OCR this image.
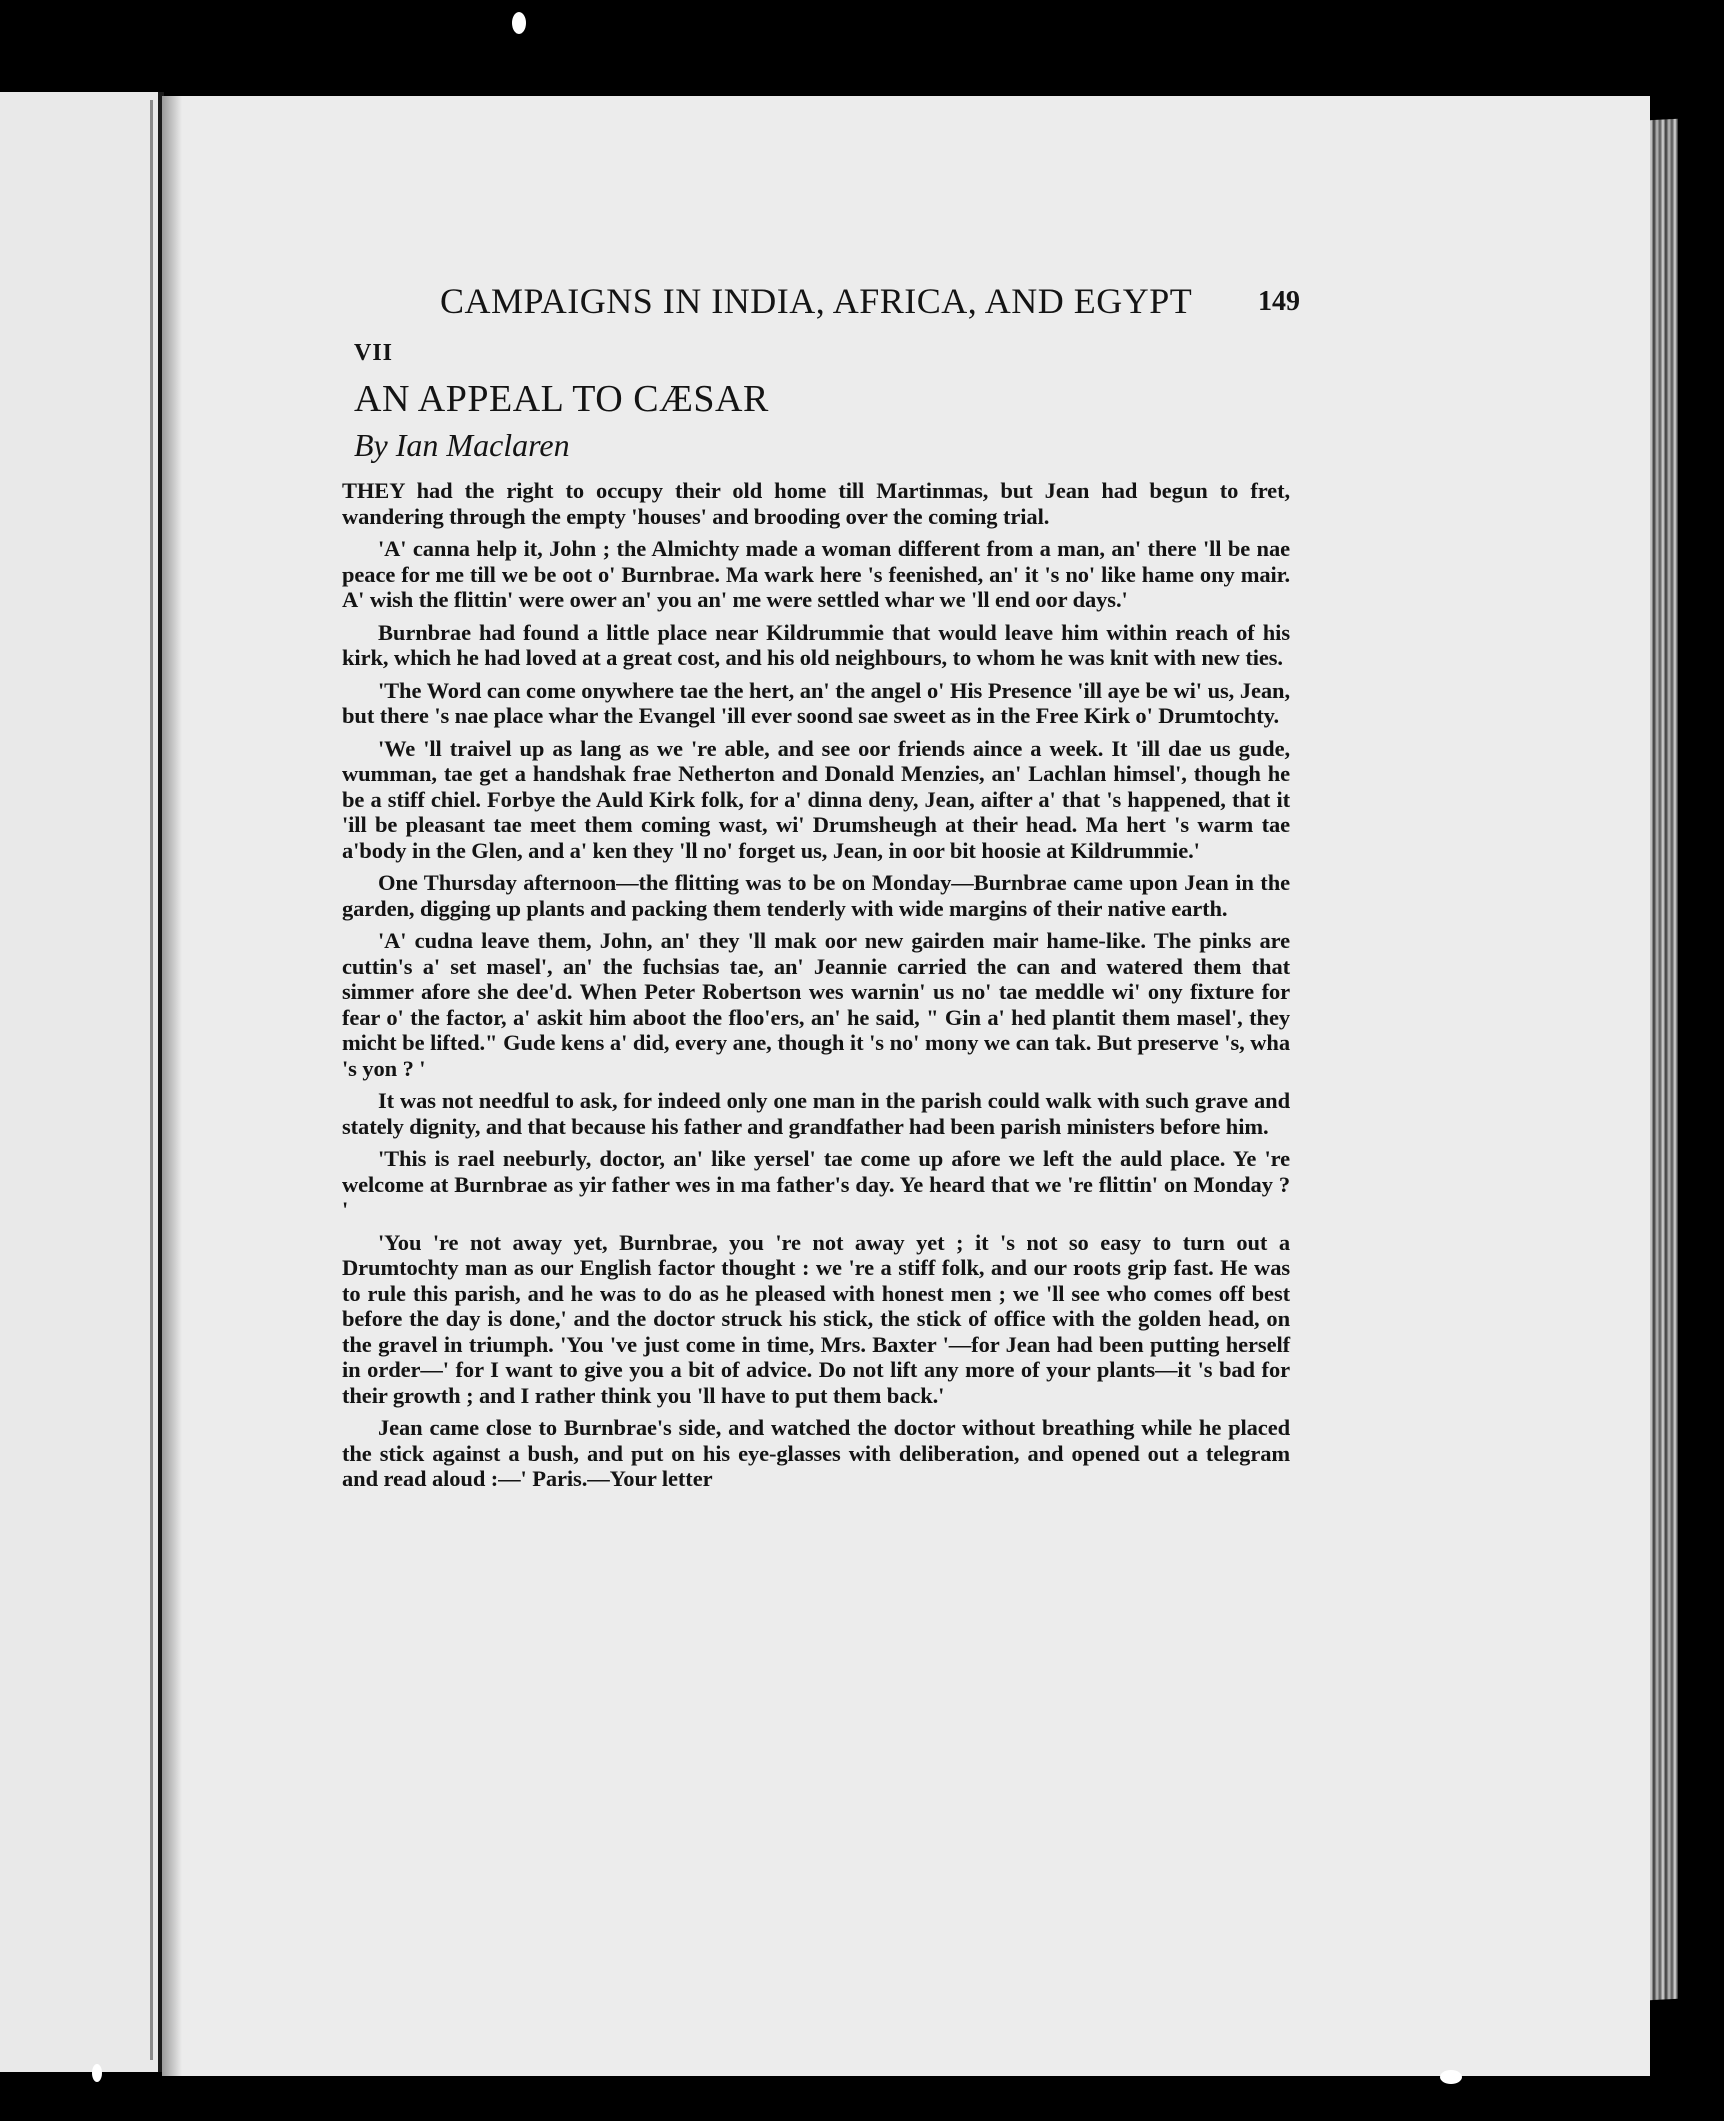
CAMPAIGNS IN INDIA, AFRICA, AND EGYPT 149
VII
AN APPEAL TO CÆSAR
By Ian Maclaren

THEY had the right to occupy their old home till Martinmas, but Jean had begun to fret, wandering through the empty 'houses' and brooding over the coming trial.

'A' canna help it, John ; the Almichty made a woman different from a man, an' there 'll be nae peace for me till we be oot o' Burnbrae. Ma wark here 's feenished, an' it 's no' like hame ony mair. A' wish the flittin' were ower an' you an' me were settled whar we 'll end oor days.'

Burnbrae had found a little place near Kildrummie that would leave him within reach of his kirk, which he had loved at a great cost, and his old neighbours, to whom he was knit with new ties.

'The Word can come onywhere tae the hert, an' the angel o' His Presence 'ill aye be wi' us, Jean, but there 's nae place whar the Evangel 'ill ever soond sae sweet as in the Free Kirk o' Drumtochty.

'We 'll traivel up as lang as we 're able, and see oor friends aince a week. It 'ill dae us gude, wumman, tae get a handshak frae Netherton and Donald Menzies, an' Lachlan himsel', though he be a stiff chiel. Forbye the Auld Kirk folk, for a' dinna deny, Jean, aifter a' that 's happened, that it 'ill be pleasant tae meet them coming wast, wi' Drumsheugh at their head. Ma hert 's warm tae a'body in the Glen, and a' ken they 'll no' forget us, Jean, in oor bit hoosie at Kildrummie.'

One Thursday afternoon—the flitting was to be on Monday—Burnbrae came upon Jean in the garden, digging up plants and packing them tenderly with wide margins of their native earth.

'A' cudna leave them, John, an' they 'll mak oor new gairden mair hame-like. The pinks are cuttin's a' set masel', an' the fuchsias tae, an' Jeannie carried the can and watered them that simmer afore she dee'd. When Peter Robertson wes warnin' us no' tae meddle wi' ony fixture for fear o' the factor, a' askit him aboot the floo'ers, an' he said, " Gin a' hed plantit them masel', they micht be lifted." Gude kens a' did, every ane, though it 's no' mony we can tak. But preserve 's, wha 's yon ? '

It was not needful to ask, for indeed only one man in the parish could walk with such grave and stately dignity, and that because his father and grandfather had been parish ministers before him.

'This is rael neeburly, doctor, an' like yersel' tae come up afore we left the auld place. Ye 're welcome at Burnbrae as yir father wes in ma father's day. Ye heard that we 're flittin' on Monday ? '

'You 're not away yet, Burnbrae, you 're not away yet ; it 's not so easy to turn out a Drumtochty man as our English factor thought : we 're a stiff folk, and our roots grip fast. He was to rule this parish, and he was to do as he pleased with honest men ; we 'll see who comes off best before the day is done,' and the doctor struck his stick, the stick of office with the golden head, on the gravel in triumph. 'You 've just come in time, Mrs. Baxter '—for Jean had been putting herself in order—' for I want to give you a bit of advice. Do not lift any more of your plants—it 's bad for their growth ; and I rather think you 'll have to put them back.'

Jean came close to Burnbrae's side, and watched the doctor without breathing while he placed the stick against a bush, and put on his eye-glasses with deliberation, and opened out a telegram and read aloud :—' Paris.—Your letter
